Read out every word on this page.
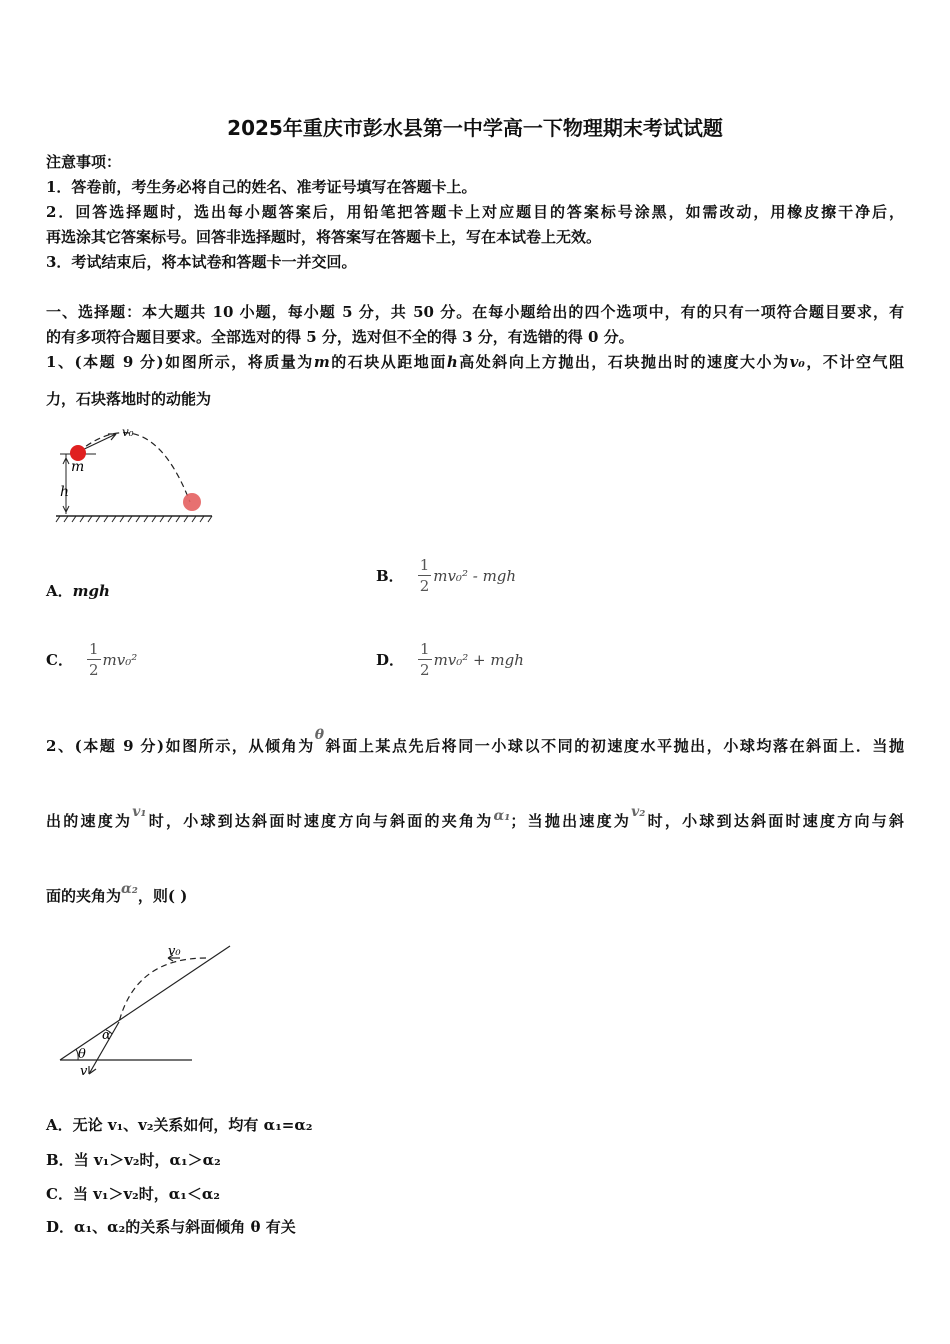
2025年重庆市彭水县第一中学高一下物理期末考试试题
注意事项：
1．答卷前，考生务必将自己的姓名、准考证号填写在答题卡上。
2．回答选择题时，选出每小题答案后，用铅笔把答题卡上对应题目的答案标号涂黑，如需改动，用橡皮擦干净后，
再选涂其它答案标号。回答非选择题时，将答案写在答题卡上，写在本试卷上无效。
3．考试结束后，将本试卷和答题卡一并交回。
一、选择题：本大题共 10 小题，每小题 5 分，共 50 分。在每小题给出的四个选项中，有的只有一项符合题目要求，有
的有多项符合题目要求。全部选对的得 5 分，选对但不全的得 3 分，有选错的得 0 分。
1、(本题 9 分)如图所示，将质量为m的石块从距地面h高处斜向上方抛出，石块抛出时的速度大小为v₀，不计空气阻
力，石块落地时的动能为
v₀
m
h
A．mgh
B． $\frac{1}{2} mv_0^2$ - mgh
C． $\frac{1}{2} mv_0^2$	D． $\frac{1}{2} mv_0^2$ + mgh
2、(本题 9 分)如图所示，从倾角为θ斜面上某点先后将同一小球以不同的初速度水平抛出，小球均落在斜面上．当抛
出的速度为v₁时，小球到达斜面时速度方向与斜面的夹角为α₁；当抛出速度为v₂时，小球到达斜面时速度方向与斜
面的夹角为α₂，则( )
v₀
α
θ
v
A．无论 v₁、v₂关系如何，均有 α₁=α₂
B．当 v₁＞v₂时，α₁＞α₂
C．当 v₁＞v₂时，α₁＜α₂
D．α₁、α₂的关系与斜面倾角 θ 有关
